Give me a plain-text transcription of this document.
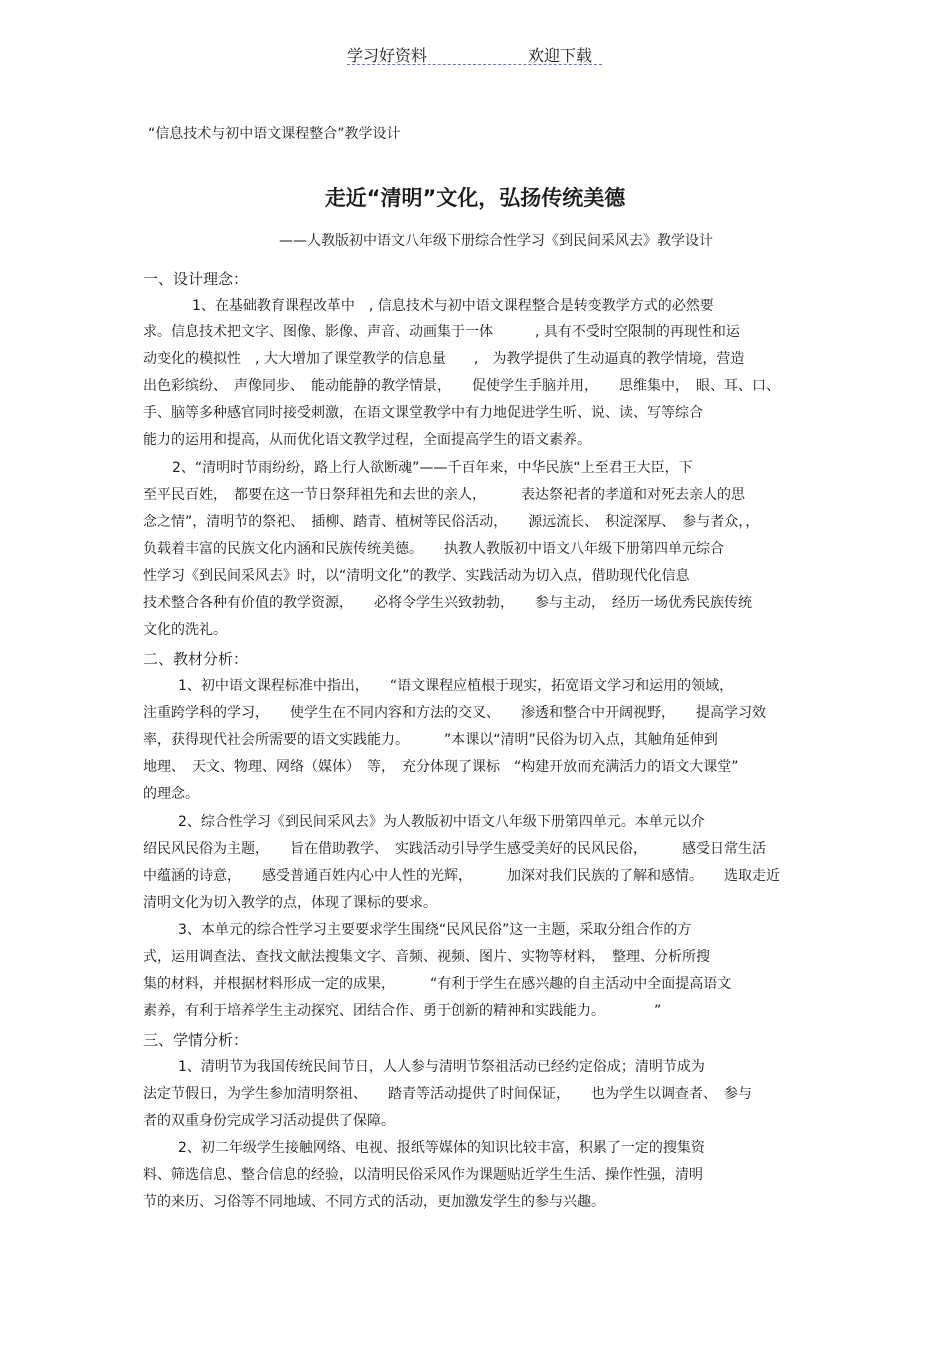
学习好资料	欢迎下载
“信息技术与初中语文课程整合”教学设计
走近“清明”文化，弘扬传统美德
——人教版初中语文八年级下册综合性学习《到民间采风去》教学设计
一、设计理念：
　1、在基础教育课程改革中　, 信息技术与初中语文课程整合是转变教学方式的必然要
求。信息技术把文字、图像、影像、声音、动画集于一体　　　, 具有不受时空限制的再现性和运
动变化的模拟性　, 大大增加了课堂教学的信息量　　,　为教学提供了生动逼真的教学情境，营造
出色彩缤纷、　声像同步、　能动能静的教学情景，　　促使学生手脑并用，　　思维集中，　眼、耳、口、
手、脑等多种感官同时接受刺激，在语文课堂教学中有力地促进学生听、说、读、写等综合
能力的运用和提高，从而优化语文教学过程，全面提高学生的语文素养。
2、“清明时节雨纷纷，路上行人欲断魂”——千百年来，中华民族“上至君王大臣，下
至平民百姓，　都要在这一节日祭拜祖先和去世的亲人，　　　表达祭祀者的孝道和对死去亲人的思
念之情”，清明节的祭祀、　插柳、踏青、植树等民俗活动，　　源远流长、　积淀深厚、　参与者众，，
负载着丰富的民族文化内涵和民族传统美德。　　执教人教版初中语文八年级下册第四单元综合
性学习《到民间采风去》时，以“清明文化”的教学、实践活动为切入点，借助现代化信息
技术整合各种有价值的教学资源，　　必将令学生兴致勃勃，　　参与主动，　经历一场优秀民族传统
文化的洗礼。
二、教材分析：
1、初中语文课程标准中指出，　　“语文课程应植根于现实，拓宽语文学习和运用的领域，
注重跨学科的学习，　　使学生在不同内容和方法的交叉、　　渗透和整合中开阔视野，　　提高学习效
率，获得现代社会所需要的语文实践能力。　　　”本课以“清明”民俗为切入点，其触角延伸到
地理、　天文、物理、网络（媒体）　等，　充分体现了课标　“构建开放而充满活力的语文大课堂”
的理念。
2、综合性学习《到民间采风去》为人教版初中语文八年级下册第四单元。本单元以介
绍民风民俗为主题，　　旨在借助教学、　实践活动引导学生感受美好的民风民俗，　　　感受日常生活
中蕴涵的诗意，　　感受普通百姓内心中人性的光辉，　　　加深对我们民族的了解和感情。　　选取走近
清明文化为切入教学的点，体现了课标的要求。
3、本单元的综合性学习主要要求学生围绕“民风民俗”这一主题，采取分组合作的方
式，运用调查法、查找文献法搜集文字、音频、视频、图片、实物等材料，　整理、分析所搜
集的材料，并根据材料形成一定的成果，　　　“有利于学生在感兴趣的自主活动中全面提高语文
素养，有利于培养学生主动探究、团结合作、勇于创新的精神和实践能力。　　　　”
三、学情分析：
1、清明节为我国传统民间节日，人人参与清明节祭祖活动已经约定俗成；清明节成为
法定节假日，为学生参加清明祭祖、　　踏青等活动提供了时间保证，　　也为学生以调查者、　参与
者的双重身份完成学习活动提供了保障。
2、初二年级学生接触网络、电视、报纸等媒体的知识比较丰富，积累了一定的搜集资
料、筛选信息、整合信息的经验，以清明民俗采风作为课题贴近学生生活、操作性强，清明
节的来历、习俗等不同地域、不同方式的活动，更加激发学生的参与兴趣。
